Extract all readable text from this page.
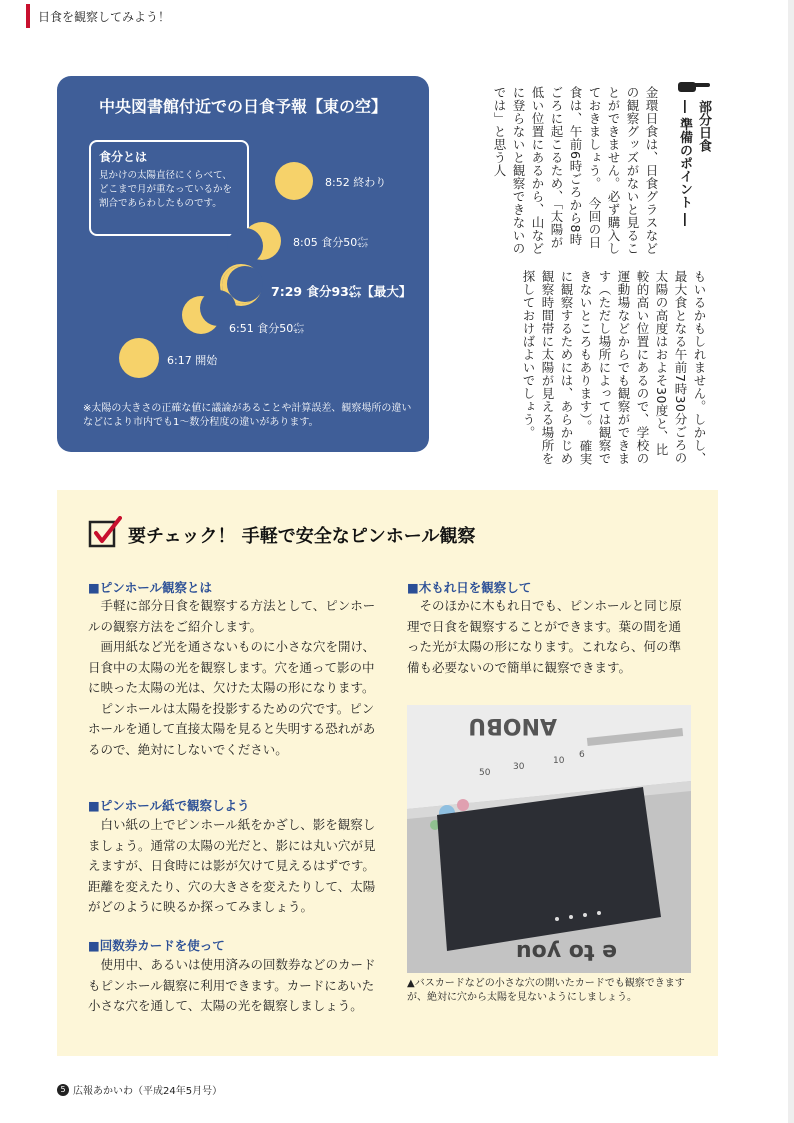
日食を観察してみよう！
中央図書館付近での日食予報【東の空】
食分とは
見かけの太陽直径にくらべて、どこまで月が重なっているかを割合であらわしたものです。
8:52 終わり
8:05 食分50㌫
7:29 食分93㌫【最大】
6:51 食分50㌫
6:17 開始
※太陽の大きさの正確な値に議論があることや計算誤差、観察場所の違いなどにより市内でも1〜数分程度の違いがあります。
部分日食
― 準備のポイント ―
金環日食は、日食グラスなどの観察グッズがないと見ることができません。必ず購入しておきましょう。　今回の日食は、午前6時ごろから8時ごろに起こるため、「太陽が低い位置にあるから、山などに登らないと観察できないのでは」と思う人
もいるかもしれません。しかし、最大食となる午前7時30分ごろの太陽の高度はおよそ30度と、比較的高い位置にあるので、学校の運動場などからでも観察ができます（ただし場所によっては観察できないところもあります）。　確実に観察するためには、あらかじめ観察時間帯に太陽が見える場所を探しておけばよいでしょう。
要チェック！ 手軽で安全なピンホール観察
■ピンホール観察とは

手軽に部分日食を観察する方法として、ピンホールの観察方法をご紹介します。

画用紙など光を通さないものに小さな穴を開け、日食中の太陽の光を観察します。穴を通って影の中に映った太陽の光は、欠けた太陽の形になります。

ピンホールは太陽を投影するための穴です。ピンホールを通して直接太陽を見ると失明する恐れがあるので、絶対にしないでください。

■ピンホール紙で観察しよう

白い紙の上でピンホール紙をかざし、影を観察しましょう。通常の太陽の光だと、影には丸い穴が見えますが、日食時には影が欠けて見えるはずです。距離を変えたり、穴の大きさを変えたりして、太陽がどのように映るか探ってみましょう。

■回数券カードを使って

使用中、あるいは使用済みの回数券などのカードもピンホール観察に利用できます。カードにあいた小さな穴を通して、太陽の光を観察しましょう。

■木もれ日を観察して

そのほかに木もれ日でも、ピンホールと同じ原理で日食を観察することができます。葉の間を通った光が太陽の形になります。これなら、何の準備も必要ないので簡単に観察できます。

ANOBU
50
30
10
6
e to you
▲バスカードなどの小さな穴の開いたカードでも観察できますが、絶対に穴から太陽を見ないようにしましょう。
5 広報あかいわ（平成24年5月号）
